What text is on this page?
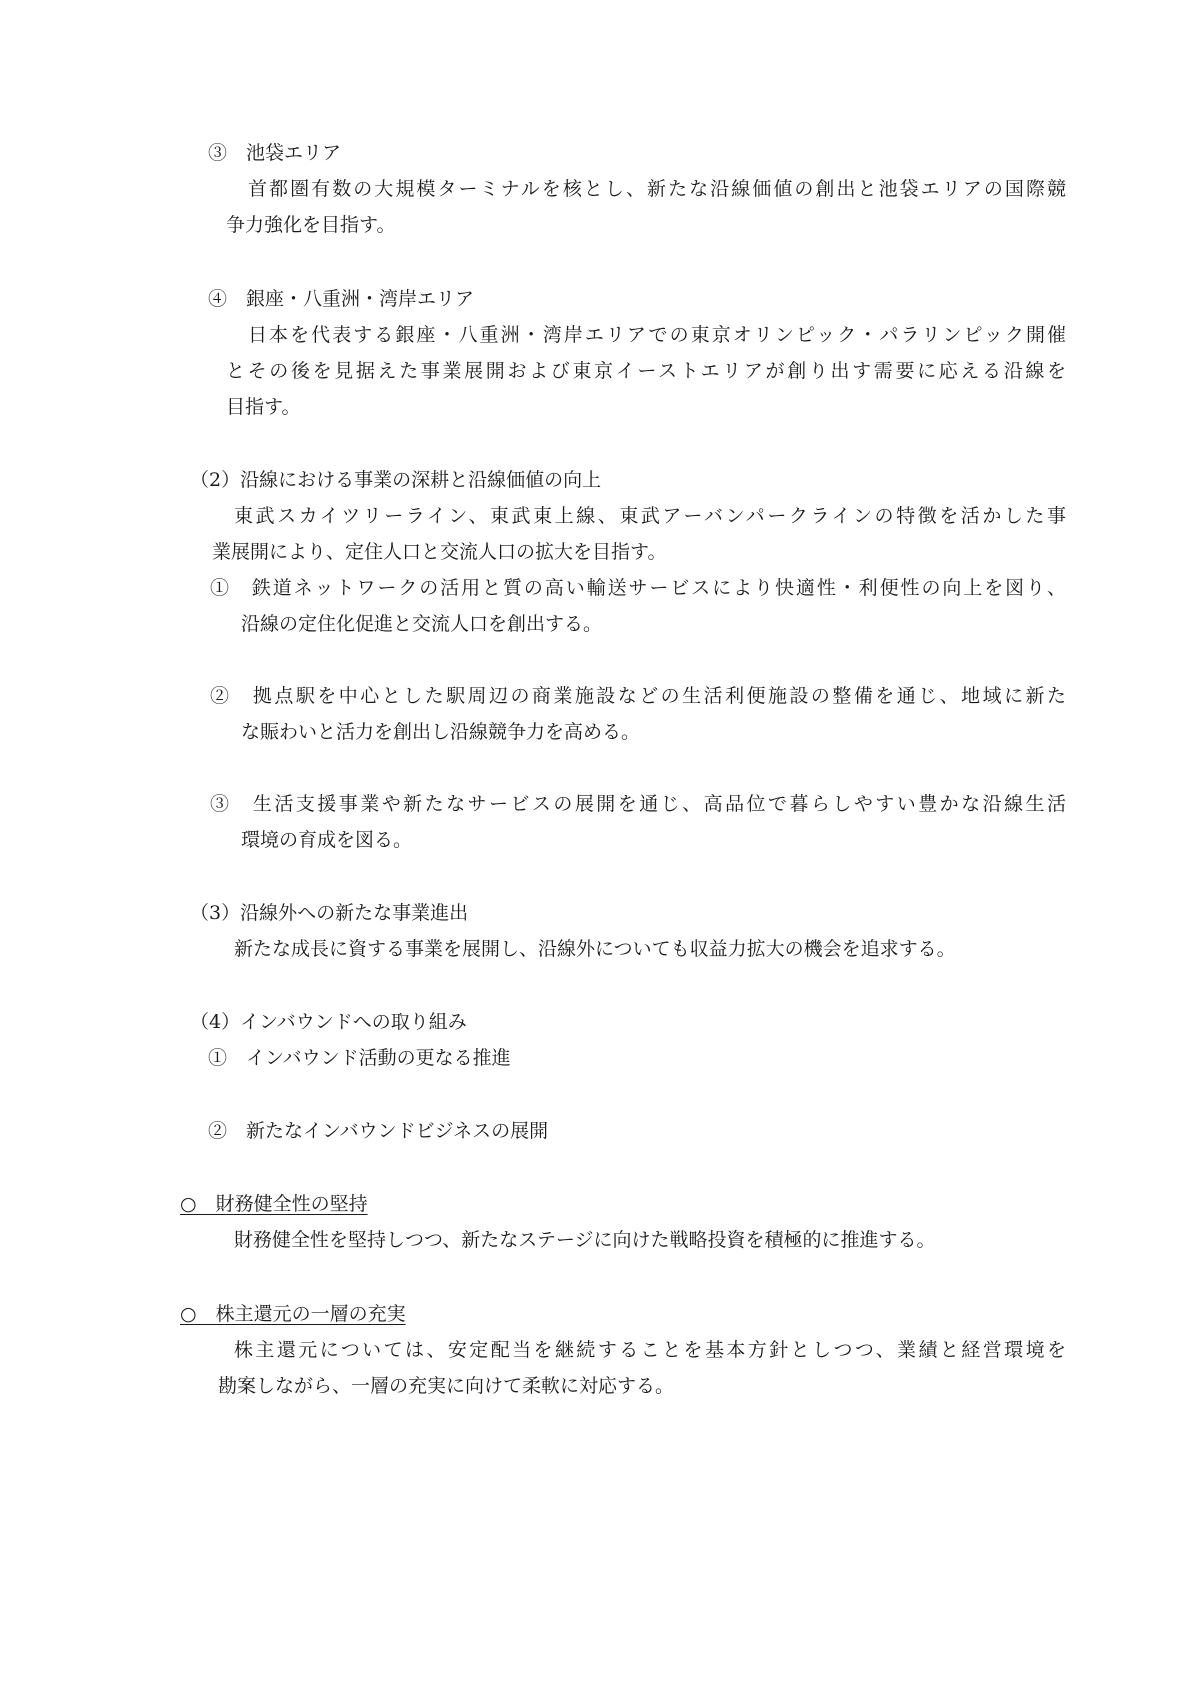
③　池袋エリア
首都圏有数の大規模ターミナルを核とし、新たな沿線価値の創出と池袋エリアの国際競
争力強化を目指す。
④　銀座・八重洲・湾岸エリア
日本を代表する銀座・八重洲・湾岸エリアでの東京オリンピック・パラリンピック開催
とその後を見据えた事業展開および東京イーストエリアが創り出す需要に応える沿線を
目指す。
（2）沿線における事業の深耕と沿線価値の向上
東武スカイツリーライン、東武東上線、東武アーバンパークラインの特徴を活かした事
業展開により、定住人口と交流人口の拡大を目指す。
①　鉄道ネットワークの活用と質の高い輸送サービスにより快適性・利便性の向上を図り、
沿線の定住化促進と交流人口を創出する。
②　拠点駅を中心とした駅周辺の商業施設などの生活利便施設の整備を通じ、地域に新た
な賑わいと活力を創出し沿線競争力を高める。
③　生活支援事業や新たなサービスの展開を通じ、高品位で暮らしやすい豊かな沿線生活
環境の育成を図る。
（3）沿線外への新たな事業進出
新たな成長に資する事業を展開し、沿線外についても収益力拡大の機会を追求する。
（4）インバウンドへの取り組み
①　インバウンド活動の更なる推進
②　新たなインバウンドビジネスの展開
○　財務健全性の堅持
財務健全性を堅持しつつ、新たなステージに向けた戦略投資を積極的に推進する。
○　株主還元の一層の充実
株主還元については、安定配当を継続することを基本方針としつつ、業績と経営環境を
勘案しながら、一層の充実に向けて柔軟に対応する。
